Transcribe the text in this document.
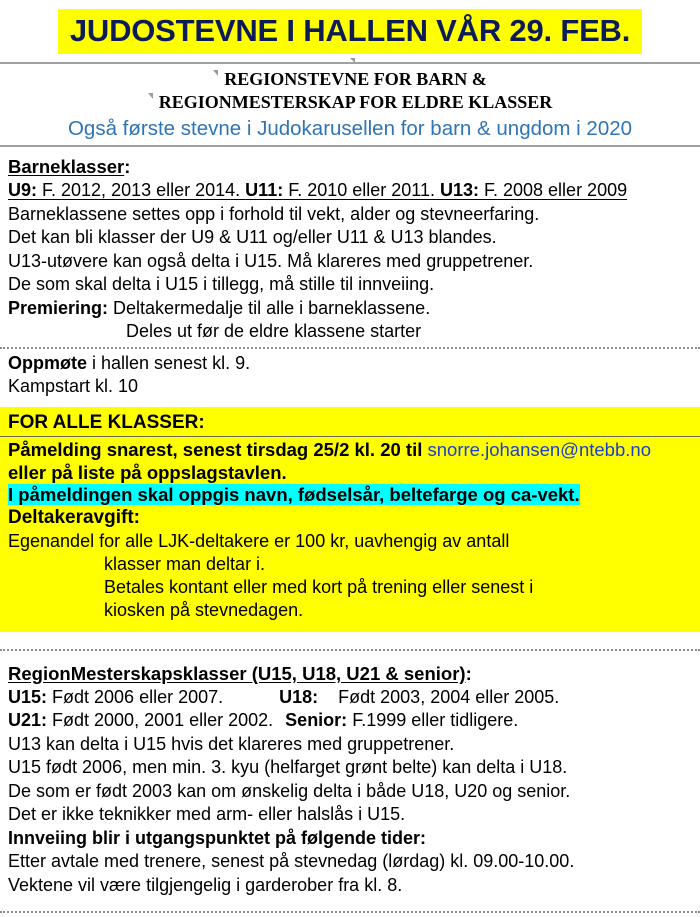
JUDOSTEVNE I HALLEN VÅR 29. FEB.
REGIONSTEVNE FOR BARN &
REGIONMESTERSKAP FOR ELDRE KLASSER
Også første stevne i Judokarusellen for barn & ungdom i 2020
Barneklasser:
U9: F. 2012, 2013 eller 2014. U11: F. 2010 eller 2011. U13: F. 2008 eller 2009
Barneklassene settes opp i forhold til vekt, alder og stevneerfaring.
Det kan bli klasser der U9 & U11 og/eller U11 & U13 blandes.
U13-utøvere kan også delta i U15. Må klareres med gruppetrener.
De som skal delta i U15 i tillegg, må stille til innveiing.
Premiering: Deltakermedalje til alle i barneklassene.
Deles ut før de eldre klassene starter
Oppmøte i hallen senest kl. 9.
Kampstart kl. 10
FOR ALLE KLASSER:
Påmelding snarest, senest tirsdag 25/2 kl. 20 til snorre.johansen@ntebb.no
eller på liste på oppslagstavlen.
I påmeldingen skal oppgis navn, fødselsår, beltefarge og ca-vekt.
Deltakeravgift:
Egenandel for alle LJK-deltakere er 100 kr, uavhengig av antall
klasser man deltar i.
Betales kontant eller med kort på trening eller senest i
kiosken på stevnedagen.
RegionMesterskapsklasser (U15, U18, U21 & senior):
U15: Født 2006 eller 2007.	U18:    Født 2003, 2004 eller 2005.
U21: Født 2000, 2001 eller 2002. Senior: F.1999 eller tidligere.
U13 kan delta i U15 hvis det klareres med gruppetrener.
U15 født 2006, men min. 3. kyu (helfarget grønt belte) kan delta i U18.
De som er født 2003 kan om ønskelig delta i både U18, U20 og senior.
Det er ikke teknikker med arm- eller halslås i U15.
Innveiing blir i utgangspunktet på følgende tider:
Etter avtale med trenere, senest på stevnedag (lørdag) kl. 09.00-10.00.
Vektene vil være tilgjengelig i garderober fra kl. 8.
